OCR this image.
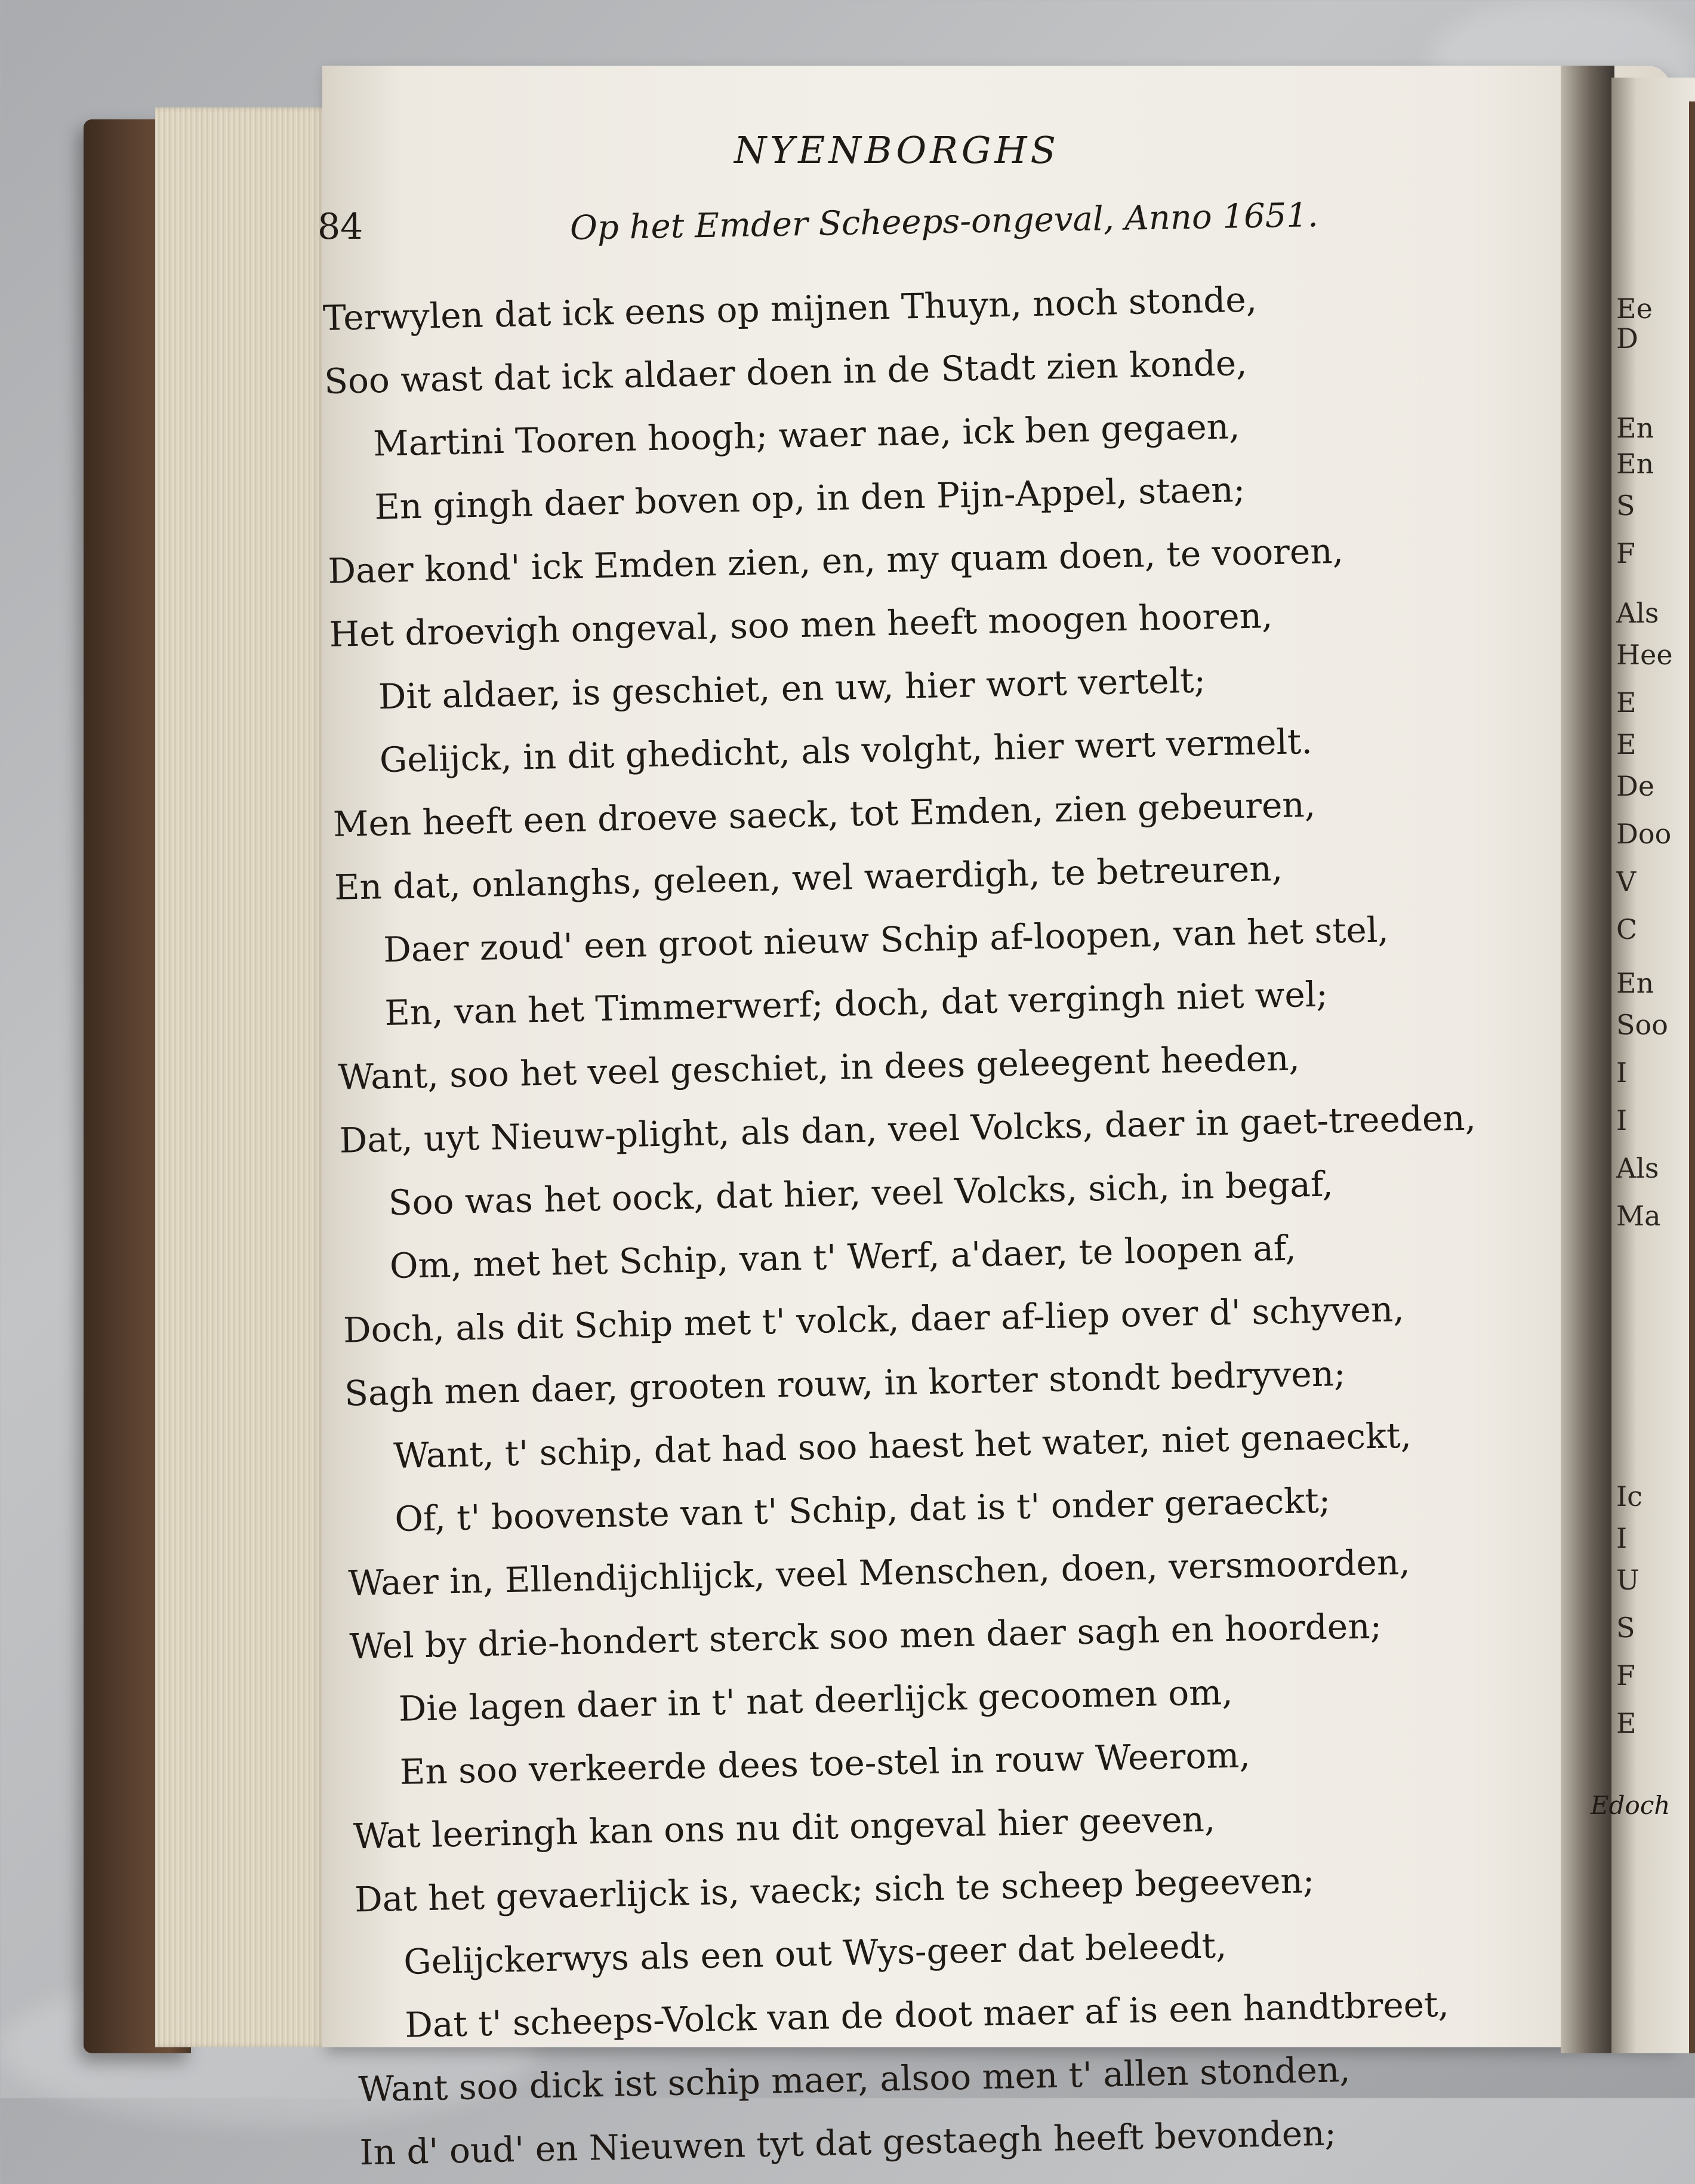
Ee
D
En
En
S
F
Als
Hee
E
E
De
Doo
V
C
En
Soo
I
I
Als
Ma
Ic
I
U
S
F
E
NYENBORGHS
84	Op het Emder Scheeps-ongeval, Anno 1651.
Terwylen dat ick eens op mijnen Thuyn, noch stonde,
Soo wast dat ick aldaer doen in de Stadt zien konde,
Martini Tooren hoogh; waer nae, ick ben gegaen,
En gingh daer boven op, in den Pijn-Appel, staen;
Daer kond' ick Emden zien, en, my quam doen, te vooren,
Het droevigh ongeval, soo men heeft moogen hooren,
Dit aldaer, is geschiet, en uw, hier wort vertelt;
Gelijck, in dit ghedicht, als volght, hier wert vermelt.
Men heeft een droeve saeck, tot Emden, zien gebeuren,
En dat, onlanghs, geleen, wel waerdigh, te betreuren,
Daer zoud' een groot nieuw Schip af-loopen, van het stel,
En, van het Timmerwerf; doch, dat vergingh niet wel;
Want, soo het veel geschiet, in dees geleegent heeden,
Dat, uyt Nieuw-plight, als dan, veel Volcks, daer in gaet-treeden,
Soo was het oock, dat hier, veel Volcks, sich, in begaf,
Om, met het Schip, van t' Werf, a'daer, te loopen af,
Doch, als dit Schip met t' volck, daer af-liep over d' schyven,
Sagh men daer, grooten rouw, in korter stondt bedryven;
Want, t' schip, dat had soo haest het water, niet genaeckt,
Of, t' boovenste van t' Schip, dat is t' onder geraeckt;
Waer in, Ellendijchlijck, veel Menschen, doen, versmoorden,
Wel by drie-hondert sterck soo men daer sagh en hoorden;
Die lagen daer in t' nat deerlijck gecoomen om,
En soo verkeerde dees toe-stel in rouw Weerom,
Wat leeringh kan ons nu dit ongeval hier geeven,
Dat het gevaerlijck is, vaeck; sich te scheep begeeven;
Gelijckerwys als een out Wys-geer dat beleedt,
Dat t' scheeps-Volck van de doot maer af is een handtbreet,
Want soo dick ist schip maer, alsoo men t' allen stonden,
In d' oud' en Nieuwen tyt dat gestaegh heeft bevonden;
Edoch
